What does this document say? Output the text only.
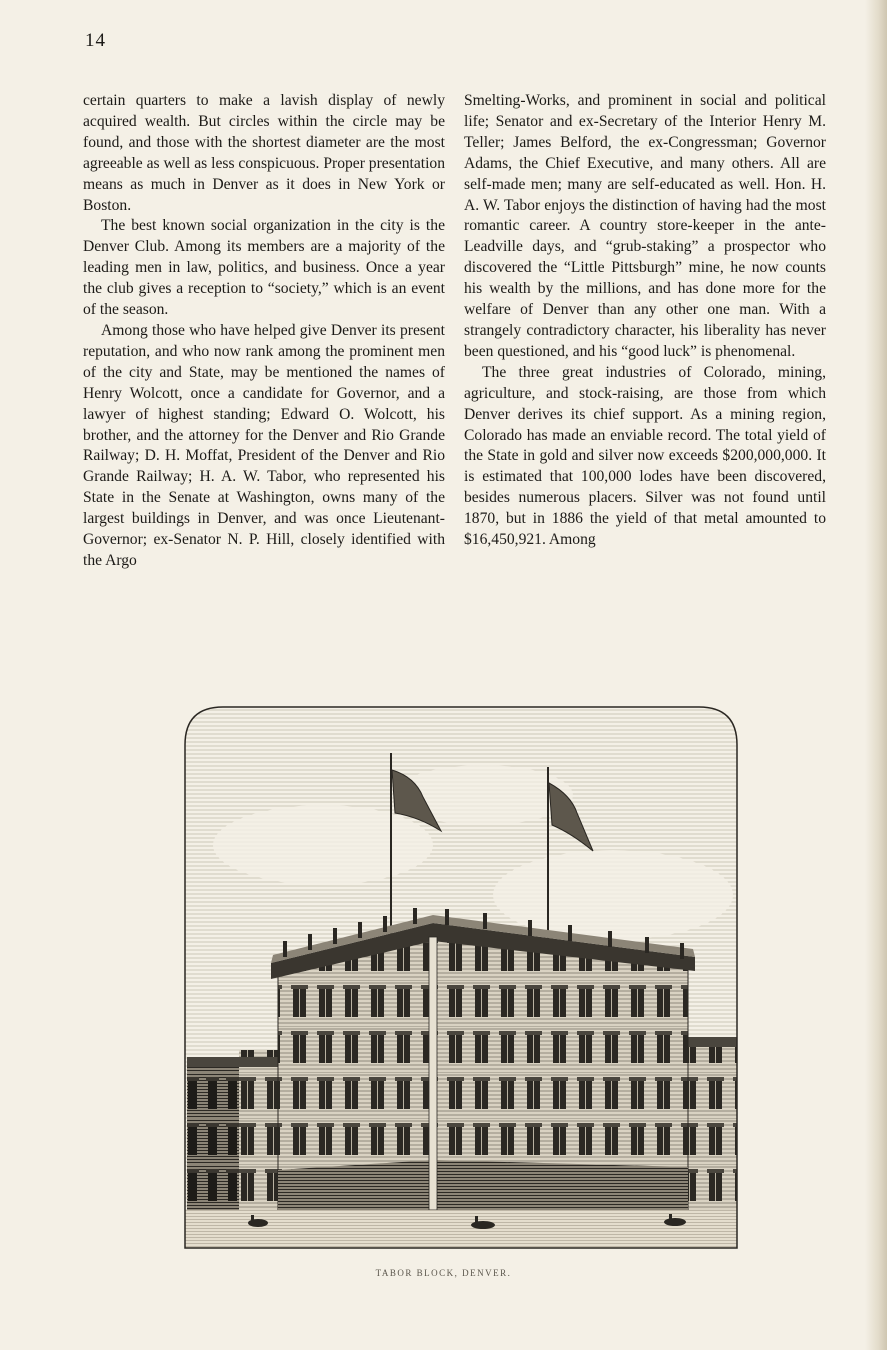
14

certain quarters to make a lavish display of newly acquired wealth. But circles within the circle may be found, and those with the shortest diameter are the most agreeable as well as less conspicuous. Proper presentation means as much in Denver as it does in New York or Boston.

The best known social organization in the city is the Denver Club. Among its members are a majority of the leading men in law, politics, and business. Once a year the club gives a reception to “society,” which is an event of the season.

Among those who have helped give Denver its present reputation, and who now rank among the prominent men of the city and State, may be mentioned the names of Henry Wolcott, once a candidate for Governor, and a lawyer of highest standing; Edward O. Wolcott, his brother, and the attorney for the Denver and Rio Grande Railway; D. H. Moffat, President of the Denver and Rio Grande Railway; H. A. W. Tabor, who represented his State in the Senate at Washington, owns many of the largest buildings in Denver, and was once Lieutenant-Governor; ex-Senator N. P. Hill, closely identified with the Argo

Smelting-Works, and prominent in social and political life; Senator and ex-Secretary of the Interior Henry M. Teller; James Belford, the ex-Congressman; Governor Adams, the Chief Executive, and many others. All are self-made men; many are self-educated as well. Hon. H. A. W. Tabor enjoys the distinction of having had the most romantic career. A country store-keeper in the ante-Leadville days, and “grub-staking” a prospector who discovered the “Little Pittsburgh” mine, he now counts his wealth by the millions, and has done more for the welfare of Denver than any other one man. With a strangely contradictory character, his liberality has never been questioned, and his “good luck” is phenomenal.

The three great industries of Colorado, mining, agriculture, and stock-raising, are those from which Denver derives its chief support. As a mining region, Colorado has made an enviable record. The total yield of the State in gold and silver now exceeds $200,000,000. It is estimated that 100,000 lodes have been discovered, besides numerous placers. Silver was not found until 1870, but in 1886 the yield of that metal amounted to $16,450,921. Among

TABOR BLOCK, DENVER.
